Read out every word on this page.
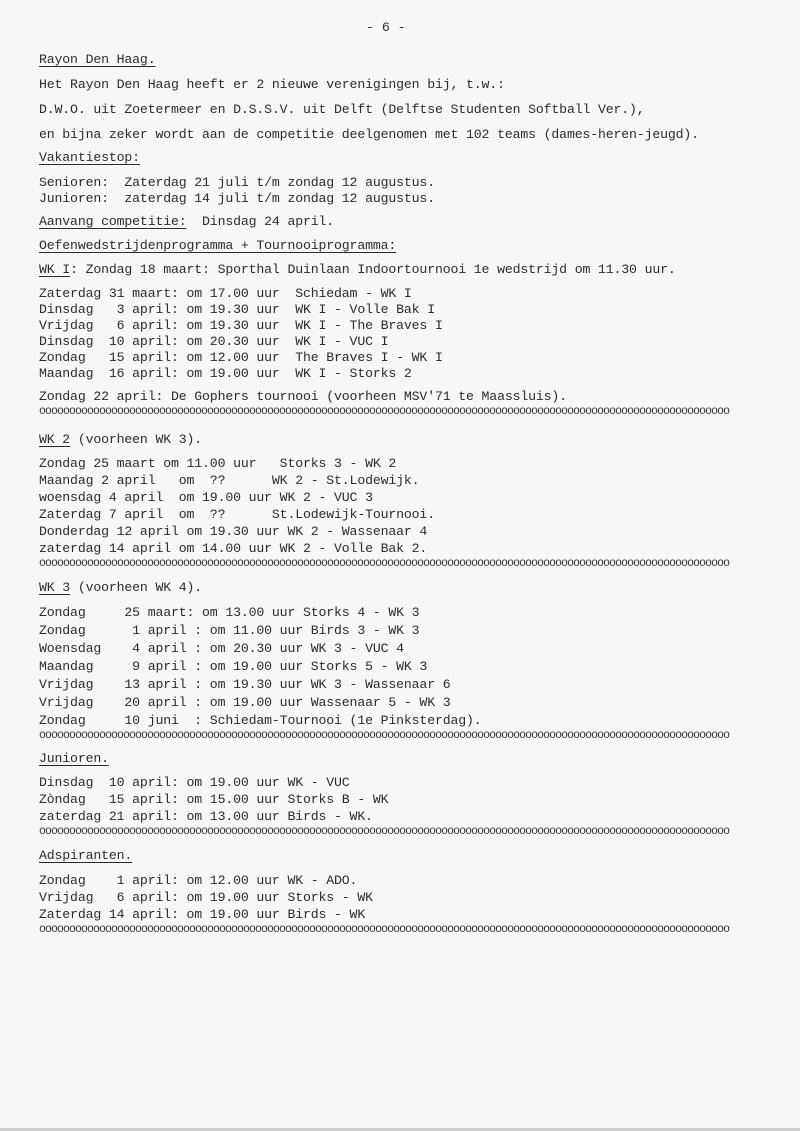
- 6 -
Rayon Den Haag.
Het Rayon Den Haag heeft er 2 nieuwe verenigingen bij, t.w.:
D.W.O. uit Zoetermeer en D.S.S.V. uit Delft (Delftse Studenten Softball Ver.),
en bijna zeker wordt aan de competitie deelgenomen met 102 teams (dames-heren-jeugd).
Vakantiestop:
Senioren:  Zaterdag 21 juli t/m zondag 12 augustus.
Junioren:  zaterdag 14 juli t/m zondag 12 augustus.
Aanvang competitie:  Dinsdag 24 april.
Oefenwedstrijdenprogramma + Tournooiprogramma:
WK I: Zondag 18 maart: Sporthal Duinlaan Indoortournooi 1e wedstrijd om 11.30 uur.
Zaterdag 31 maart: om 17.00 uur  Schiedam - WK I
Dinsdag   3 april: om 19.30 uur  WK I - Volle Bak I
Vrijdag   6 april: om 19.30 uur  WK I - The Braves I
Dinsdag  10 april: om 20.30 uur  WK I - VUC I
Zondag   15 april: om 12.00 uur  The Braves I - WK I
Maandag  16 april: om 19.00 uur  WK I - Storks 2
Zondag 22 april: De Gophers tournooi (voorheen MSV'71 te Maassluis).
ooooooooooooooooooooooooooooooooooooooooooooooooooooooooooooooooooooooooooooooooooooooooooooooooooooooooooooooooooo
WK 2 (voorheen WK 3).
Zondag 25 maart om 11.00 uur   Storks 3 - WK 2
Maandag 2 april   om  ??      WK 2 - St.Lodewijk.
woensdag 4 april  om 19.00 uur WK 2 - VUC 3
Zaterdag 7 april  om  ??      St.Lodewijk-Tournooi.
Donderdag 12 april om 19.30 uur WK 2 - Wassenaar 4
zaterdag 14 april om 14.00 uur WK 2 - Volle Bak 2.
ooooooooooooooooooooooooooooooooooooooooooooooooooooooooooooooooooooooooooooooooooooooooooooooooooooooooooooooooooo
WK 3 (voorheen WK 4).
Zondag     25 maart: om 13.00 uur Storks 4 - WK 3
Zondag      1 april : om 11.00 uur Birds 3 - WK 3
Woensdag    4 april : om 20.30 uur WK 3 - VUC 4
Maandag     9 april : om 19.00 uur Storks 5 - WK 3
Vrijdag    13 april : om 19.30 uur WK 3 - Wassenaar 6
Vrijdag    20 april : om 19.00 uur Wassenaar 5 - WK 3
Zondag     10 juni  : Schiedam-Tournooi (1e Pinksterdag).
ooooooooooooooooooooooooooooooooooooooooooooooooooooooooooooooooooooooooooooooooooooooooooooooooooooooooooooooooooo
Junioren.
Dinsdag  10 april: om 19.00 uur WK - VUC
Zòndag   15 april: om 15.00 uur Storks B - WK
zaterdag 21 april: om 13.00 uur Birds - WK.
ooooooooooooooooooooooooooooooooooooooooooooooooooooooooooooooooooooooooooooooooooooooooooooooooooooooooooooooooooo
Adspiranten.
Zondag    1 april: om 12.00 uur WK - ADO.
Vrijdag   6 april: om 19.00 uur Storks - WK
Zaterdag 14 april: om 19.00 uur Birds - WK
ooooooooooooooooooooooooooooooooooooooooooooooooooooooooooooooooooooooooooooooooooooooooooooooooooooooooooooooooooo
